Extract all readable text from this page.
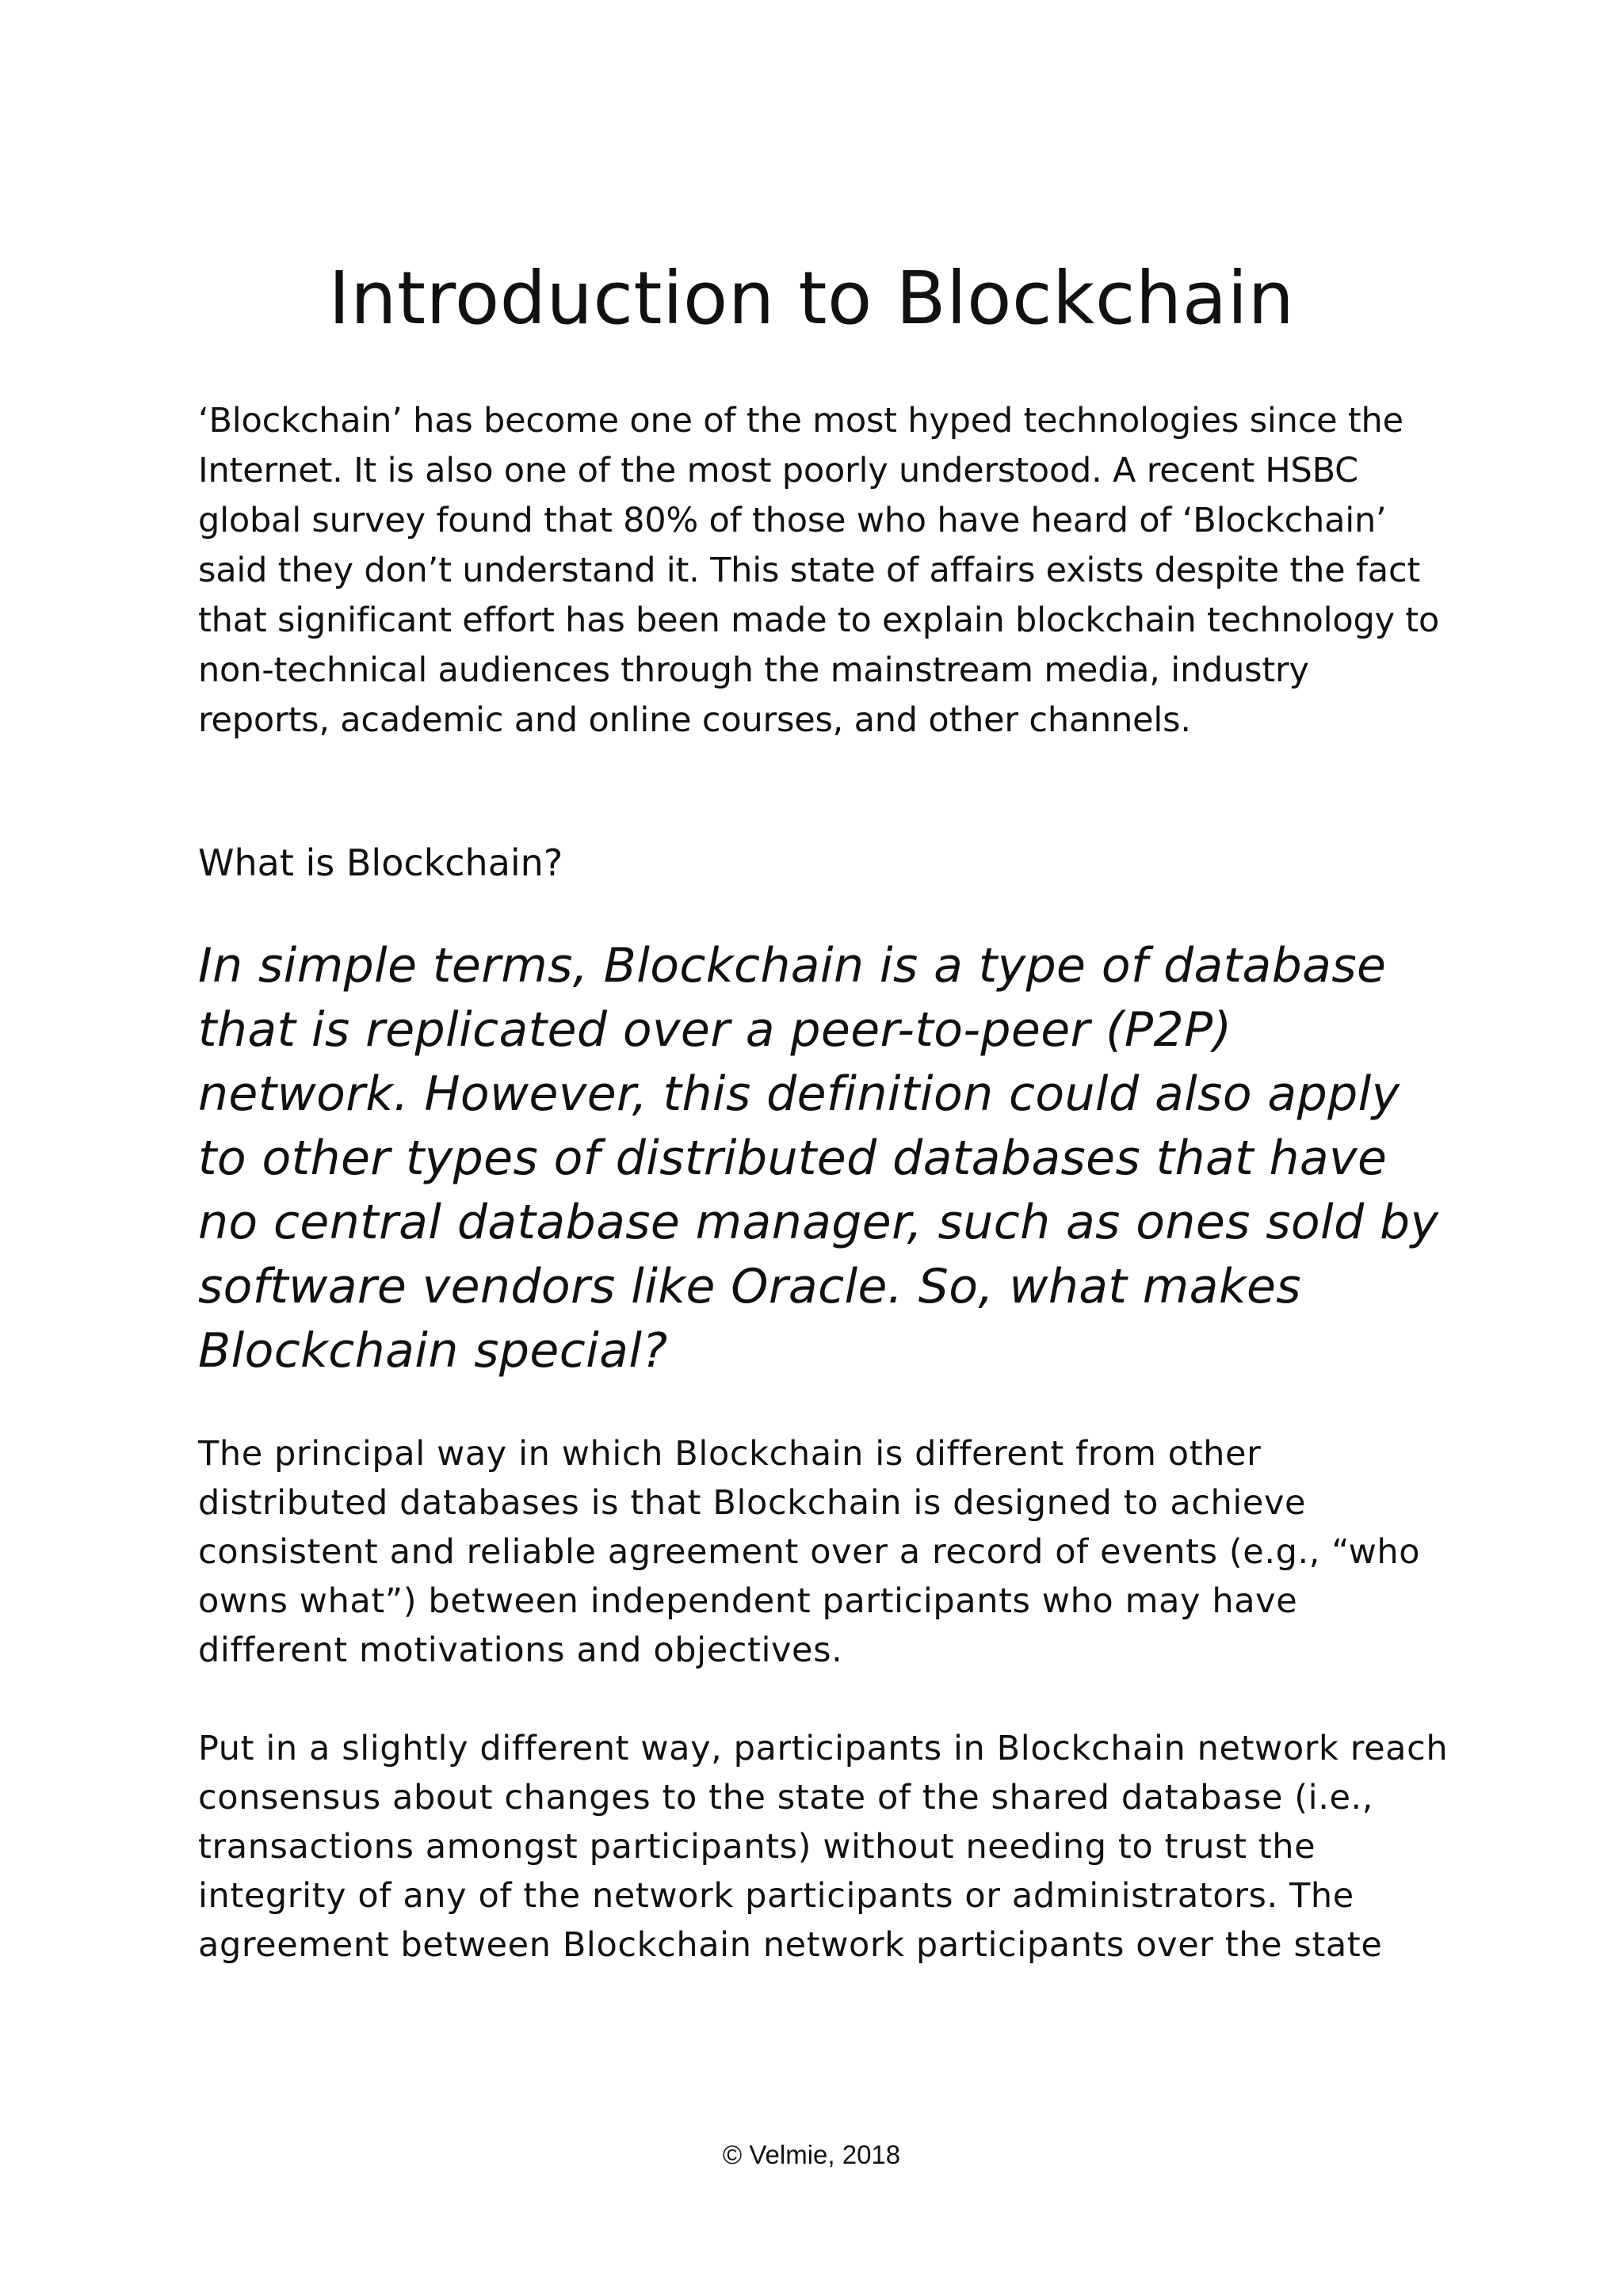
Introduction to Blockchain

‘Blockchain’ has become one of the most hyped technologies since the Internet. It is also one of the most poorly understood. A recent HSBC global survey found that 80% of those who have heard of ‘Blockchain’ said they don’t understand it. This state of affairs exists despite the fact that significant effort has been made to explain blockchain technology to non-technical audiences through the mainstream media, industry reports, academic and online courses, and other channels.

What is Blockchain?

In simple terms, Blockchain is a type of database that is replicated over a peer-to-peer (P2P) network. However, this definition could also apply to other types of distributed databases that have no central database manager, such as ones sold by software vendors like Oracle. So, what makes Blockchain special?

The principal way in which Blockchain is different from other distributed databases is that Blockchain is designed to achieve consistent and reliable agreement over a record of events (e.g., “who owns what”) between independent participants who may have different motivations and objectives.

Put in a slightly different way, participants in Blockchain network reach consensus about changes to the state of the shared database (i.e., transactions amongst participants) without needing to trust the integrity of any of the network participants or administrators. The agreement between Blockchain network participants over the state

© Velmie, 2018
